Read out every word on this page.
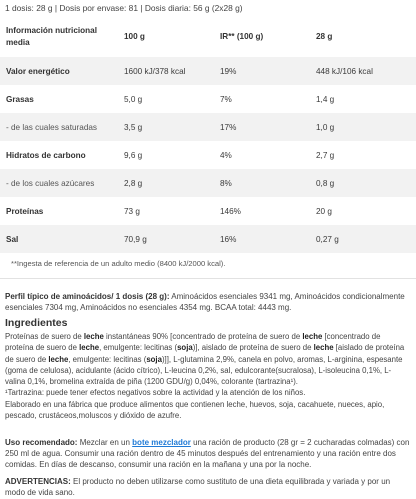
1 dosis: 28 g | Dosis por envase: 81 | Dosis diaria: 56 g (2x28 g)
Información nutricional media	100 g	IR** (100 g)	28 g
Valor energético	1600 kJ/378 kcal	19%	448 kJ/106 kcal
Grasas	5,0 g	7%	1,4 g
- de las cuales saturadas	3,5 g	17%	1,0 g
Hidratos de carbono	9,6 g	4%	2,7 g
- de los cuales azúcares	2,8 g	8%	0,8 g
Proteínas	73 g	146%	20 g
Sal	70,9 g	16%	0,27 g
**Ingesta de referencia de un adulto medio (8400 kJ/2000 kcal).
Perfil típico de aminoácidos/ 1 dosis (28 g): Aminoácidos esenciales 9341 mg, Aminoácidos condicionalmente esenciales 7304 mg, Aminoácidos no esenciales 4354 mg. BCAA total: 4443 mg.
Ingredientes
Proteínas de suero de leche instantáneas 90% [concentrado de proteína de suero de leche [concentrado de proteína de suero de leche, emulgente: lecitinas (soja)], aislado de proteína de suero de leche [aislado de proteína de suero de leche, emulgente: lecitinas (soja)]], L-glutamina 2,9%, canela en polvo, aromas, L-arginina, espesante (goma de celulosa), acidulante (ácido cítrico), L-leucina 0,2%, sal, edulcorante(sucralosa), L-isoleucina 0,1%, L-valina 0,1%, bromelina extraída de piña (1200 GDU/g) 0,04%, colorante (tartrazina¹).
¹Tartrazina: puede tener efectos negativos sobre la actividad y la atención de los niños.
Elaborado en una fábrica que produce alimentos que contienen leche, huevos, soja, cacahuete, nueces, apio, pescado, crustáceos,moluscos y dióxido de azufre.
Uso recomendado: Mezclar en un bote mezclador una ración de producto (28 gr = 2 cucharadas colmadas) con 250 ml de agua. Consumir una ración dentro de 45 minutos después del entrenamiento y una ración entre dos comidas. En días de descanso, consumir una ración en la mañana y una por la noche.
ADVERTENCIAS: El producto no deben utilizarse como sustituto de una dieta equilibrada y variada y por un modo de vida sano.
